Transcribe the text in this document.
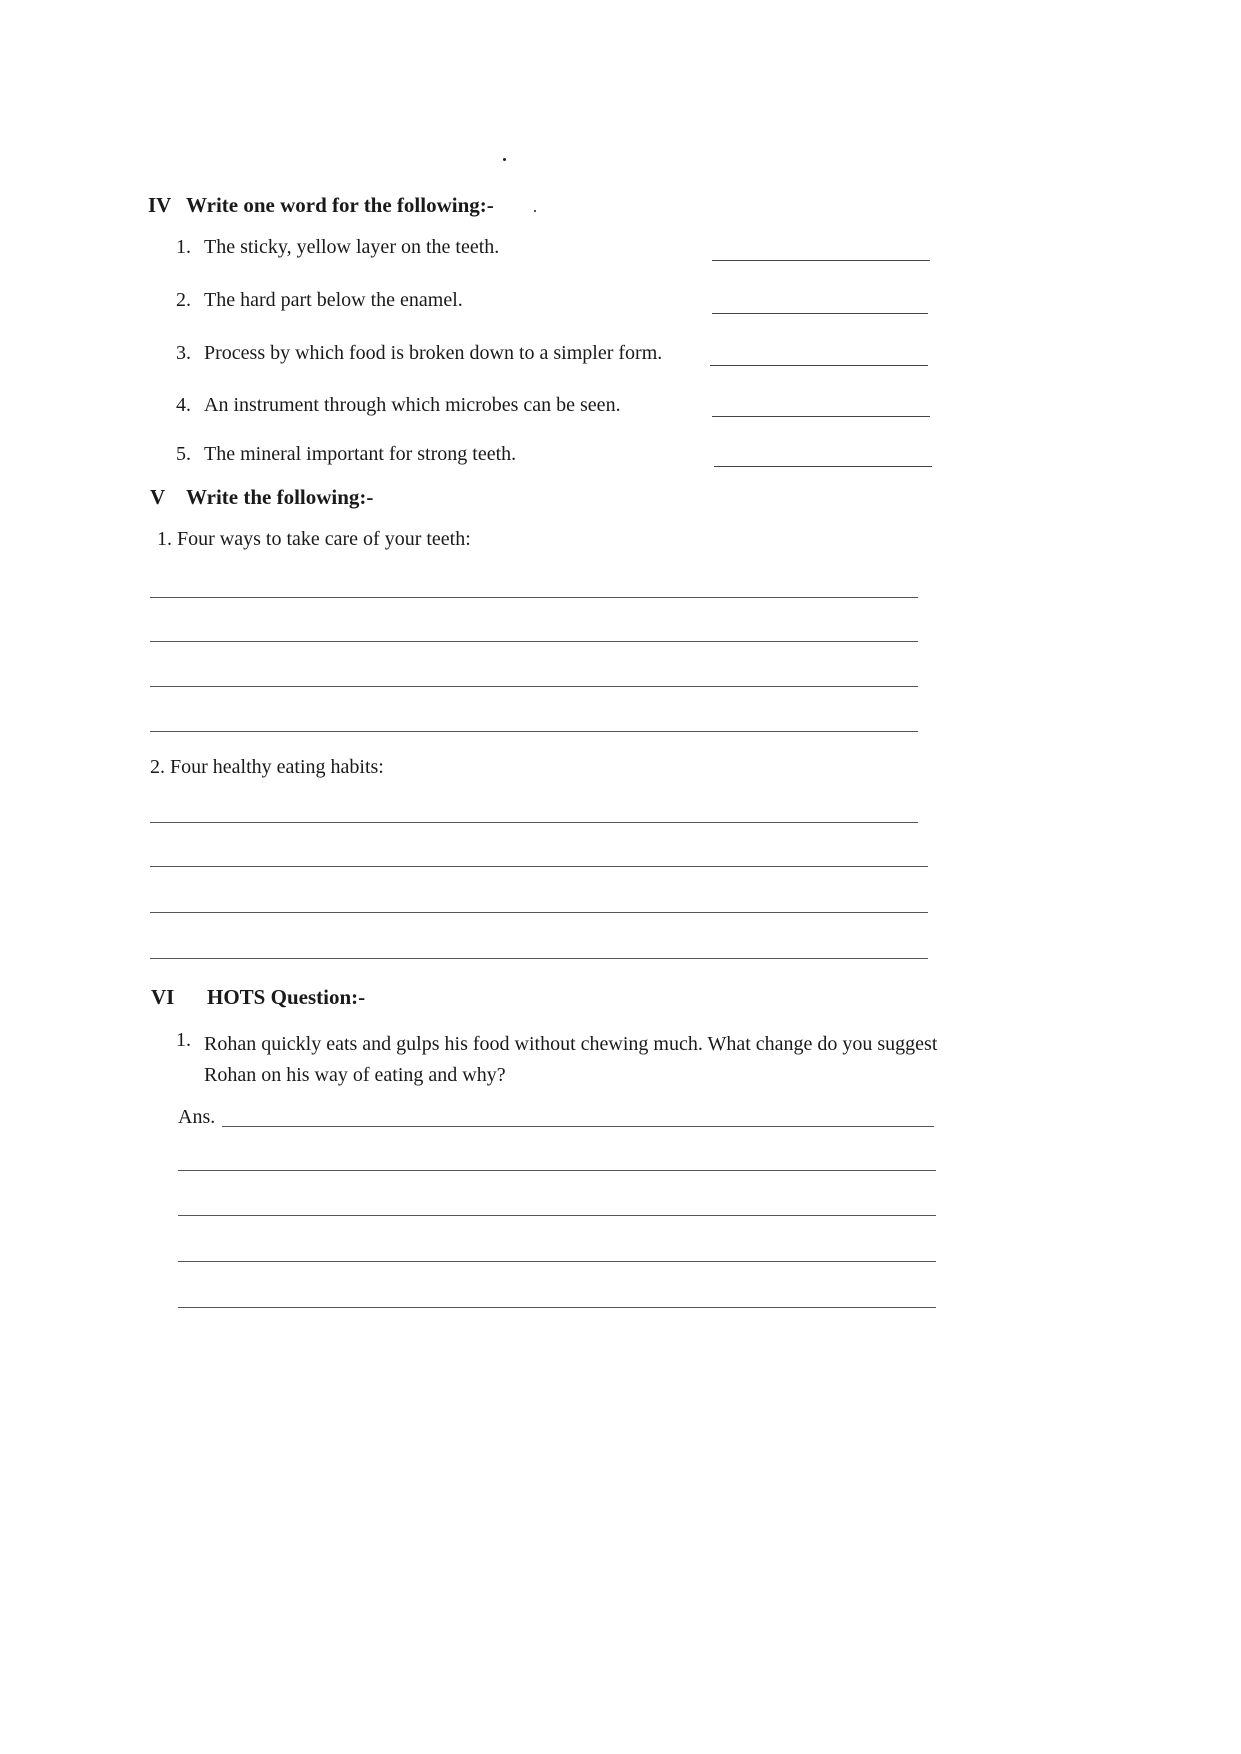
IV Write one word for the following:-
1. The sticky, yellow layer on the teeth.
2. The hard part below the enamel.
3. Process by which food is broken down to a simpler form.
4. An instrument through which microbes can be seen.
5. The mineral important for strong teeth.
V Write the following:-
1. Four ways to take care of your teeth:
2. Four healthy eating habits:
VI HOTS Question:-
1. Rohan quickly eats and gulps his food without chewing much. What change do you suggest Rohan on his way of eating and why?
Ans.
